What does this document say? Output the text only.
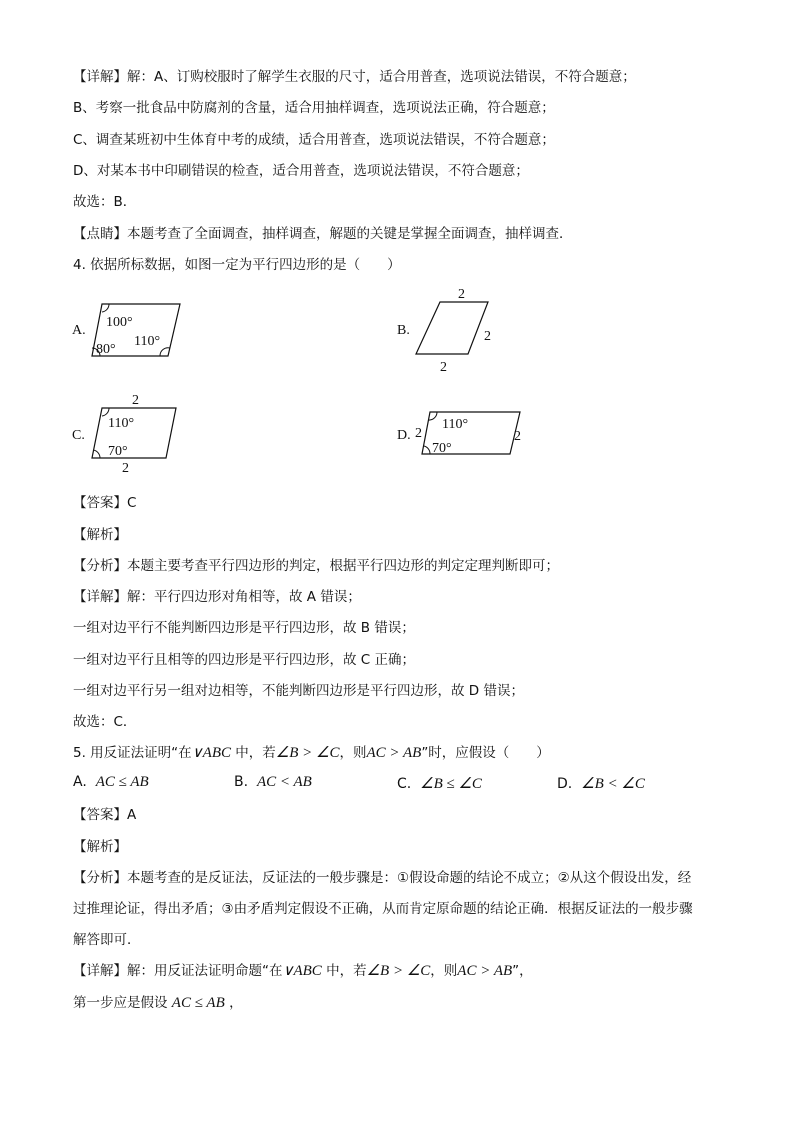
【详解】解：A、订购校服时了解学生衣服的尺寸，适合用普查，选项说法错误，不符合题意；
B、考察一批食品中防腐剂的含量，适合用抽样调查，选项说法正确，符合题意；
C、调查某班初中生体育中考的成绩，适合用普查，选项说法错误，不符合题意；
D、对某本书中印刷错误的检查，适合用普查，选项说法错误，不符合题意；
故选：B．
【点睛】本题考查了全面调查，抽样调查，解题的关键是掌握全面调查，抽样调查．
4. 依据所标数据，如图一定为平行四边形的是（　　）
A.
100°
80°
110°
B.
2
2
2
C.
2
110°
70°
2
D. 2
110°
70°
2
【答案】C
【解析】
【分析】本题主要考查平行四边形的判定，根据平行四边形的判定定理判断即可；
【详解】解：平行四边形对角相等，故 A 错误；
一组对边平行不能判断四边形是平行四边形，故 B 错误；
一组对边平行且相等的四边形是平行四边形，故 C 正确；
一组对边平行另一组对边相等，不能判断四边形是平行四边形，故 D 错误；
故选：C．
5. 用反证法证明“在∨ABC 中，若∠B > ∠C，则AC > AB”时，应假设（　　）
A. AC ≤ AB	B. AC < AB	C. ∠B ≤ ∠C	D. ∠B < ∠C
【答案】A
【解析】
【分析】本题考查的是反证法，反证法的一般步骤是：①假设命题的结论不成立；②从这个假设出发，经
过推理论证，得出矛盾；③由矛盾判定假设不正确，从而肯定原命题的结论正确．根据反证法的一般步骤
解答即可．
【详解】解：用反证法证明命题“在∨ABC 中，若∠B > ∠C，则AC > AB”，
第一步应是假设 AC ≤ AB ，
